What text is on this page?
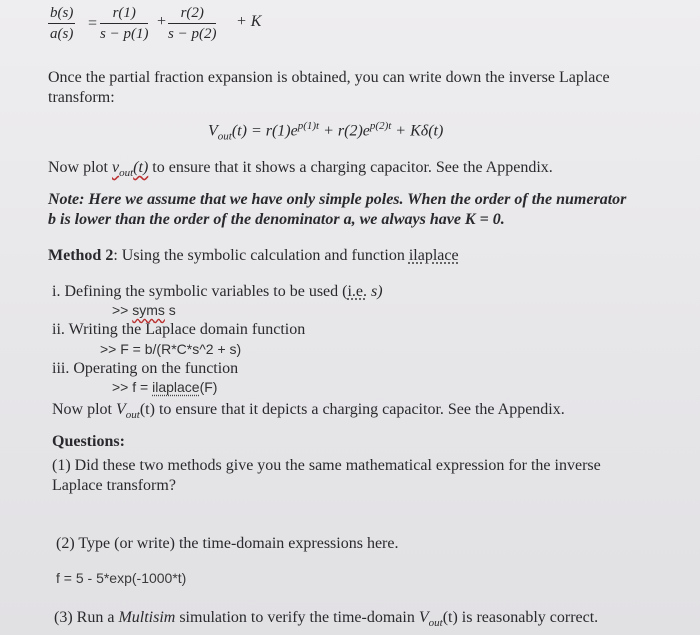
$\frac{b(s)}{a(s)} = \frac{r(1)}{s - p(1)} + \frac{r(2)}{s - p(2)} + K$
Once the partial fraction expansion is obtained, you can write down the inverse Laplace
transform:
$V_{out}(t) = r(1)e^{p(1)t} + r(2)e^{p(2)t} + K\delta(t)$
Now plot $v_{out}(t)$ to ensure that it shows a charging capacitor. See the Appendix.
Note: Here we assume that we have only simple poles. When the order of the numerator
b is lower than the order of the denominator a, we always have K = 0.
Method 2: Using the symbolic calculation and function ilaplace
i. Defining the symbolic variables to be used (i.e. s)
>> syms s
ii. Writing the Laplace domain function
>> F = b/(R*C*s^2 + s)
iii. Operating on the function
>> f = ilaplace(F)
Now plot $V_{out}(t)$ to ensure that it depicts a charging capacitor. See the Appendix.
Questions:
(1) Did these two methods give you the same mathematical expression for the inverse
Laplace transform?
(2) Type (or write) the time-domain expressions here.
f = 5 - 5*exp(-1000*t)
(3) Run a Multisim simulation to verify the time-domain $V_{out}(t)$ is reasonably correct.
